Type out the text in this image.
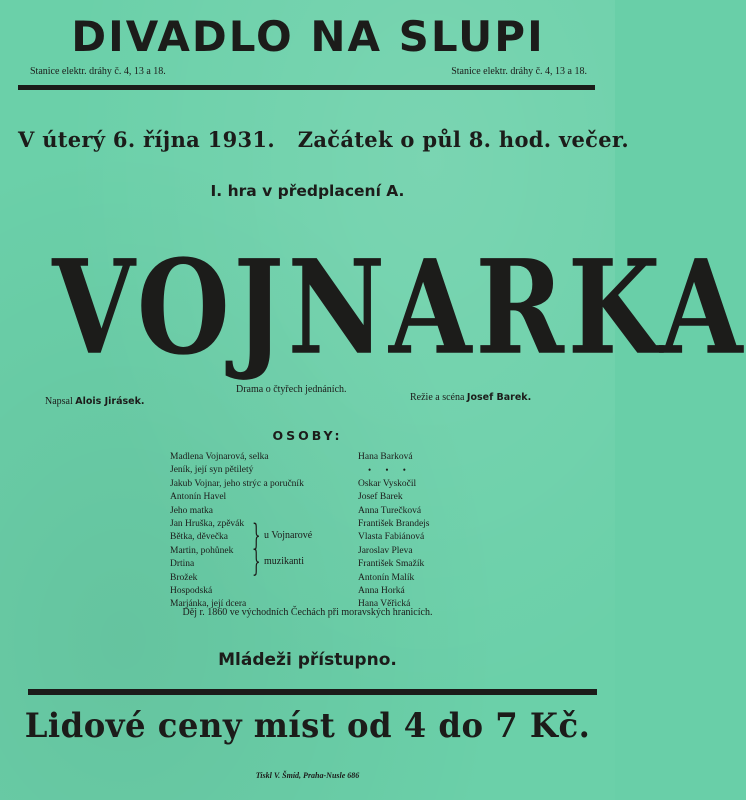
DIVADLO NA SLUPI
Stanice elektr. dráhy č. 4, 13 a 18.	Stanice elektr. dráhy č. 4, 13 a 18.
V úterý 6. října 1931.   Začátek o půl 8. hod. večer.
I. hra v předplacení A.
VOJNARKA
Napsal Alois Jirásek.
Drama o čtyřech jednáních.
Režie a scéna Josef Barek.
OSOBY:
Madlena Vojnarová, selka
Jeník, její syn pětiletý
Jakub Vojnar, jeho strýc a poručník
Antonín Havel
Jeho matka
Jan Hruška, zpěvák
Bětka, děvečka
Martin, pohůnek
Drtina
Brožek
Hospodská
Marjánka, její dcera
}
}
u Vojnarové
muzikanti
Hana Barková
• • •
Oskar Vyskočil
Josef Barek
Anna Turečková
František Brandejs
Vlasta Fabiánová
Jaroslav Pleva
František Smažík
Antonín Malík
Anna Horká
Hana Věřická
Děj r. 1860 ve východních Čechách při moravských hranicích.
Mládeži přístupno.
Lidové ceny míst od 4 do 7 Kč.
Tiskl V. Šmíd, Praha-Nusle 686
